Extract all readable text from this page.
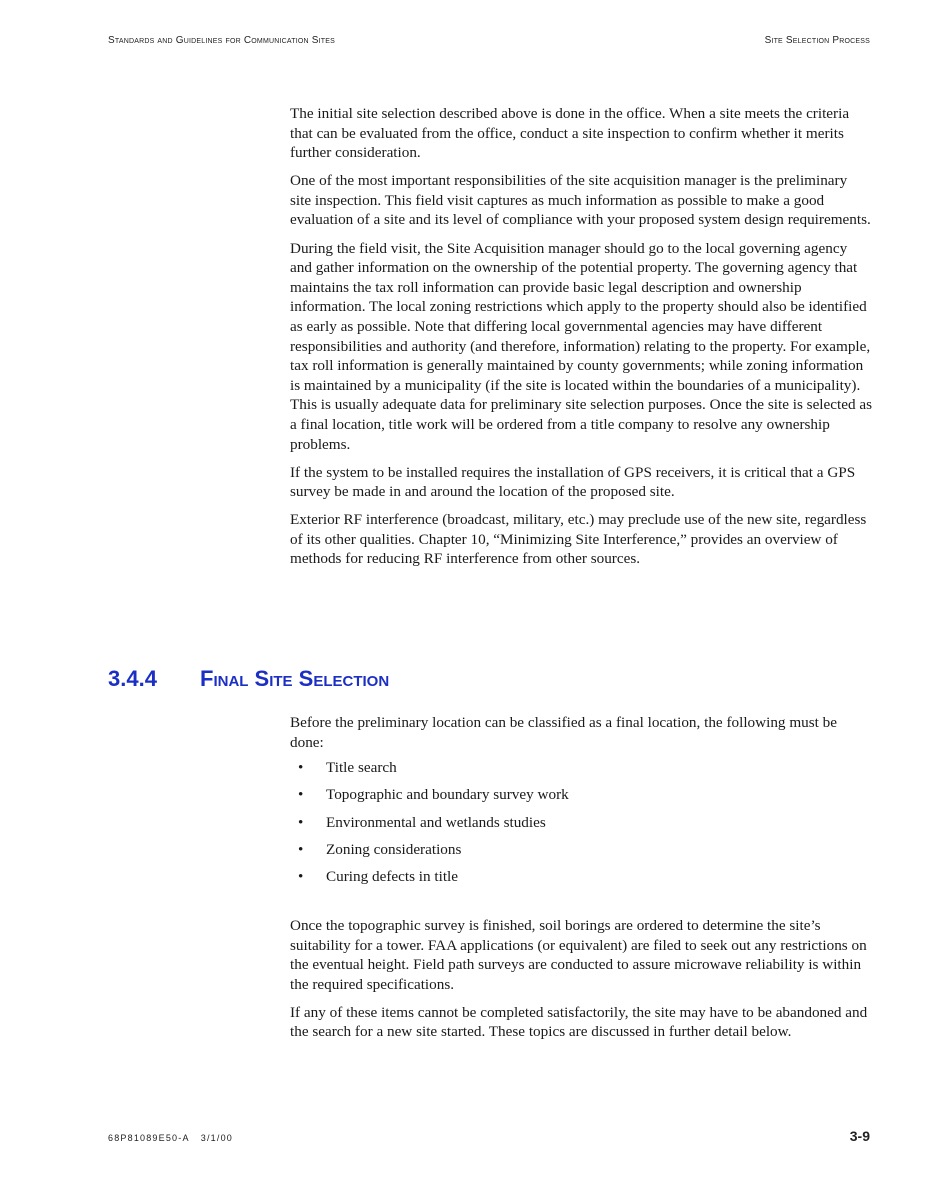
Standards and Guidelines for Communication Sites	Site Selection Process

The initial site selection described above is done in the office. When a site meets the criteria that can be evaluated from the office, conduct a site inspection to confirm whether it merits further consideration.

One of the most important responsibilities of the site acquisition manager is the preliminary site inspection. This field visit captures as much information as possible to make a good evaluation of a site and its level of compliance with your proposed system design requirements.

During the field visit, the Site Acquisition manager should go to the local governing agency and gather information on the ownership of the potential property. The governing agency that maintains the tax roll information can provide basic legal description and ownership information. The local zoning restrictions which apply to the property should also be identified as early as possible. Note that differing local governmental agencies may have different responsibilities and authority (and therefore, information) relating to the property. For example, tax roll information is generally maintained by county governments; while zoning information is maintained by a municipality (if the site is located within the boundaries of a municipality). This is usually adequate data for preliminary site selection purposes. Once the site is selected as a final location, title work will be ordered from a title company to resolve any ownership problems.

If the system to be installed requires the installation of GPS receivers, it is critical that a GPS survey be made in and around the location of the proposed site.

Exterior RF interference (broadcast, military, etc.) may preclude use of the new site, regardless of its other qualities. Chapter 10, “Minimizing Site Interference,” provides an overview of methods for reducing RF interference from other sources.

3.4.4 Final Site Selection

Before the preliminary location can be classified as a final location, the following must be done:

• Title search
• Topographic and boundary survey work
• Environmental and wetlands studies
• Zoning considerations
• Curing defects in title

Once the topographic survey is finished, soil borings are ordered to determine the site’s suitability for a tower. FAA applications (or equivalent) are filed to seek out any restrictions on the eventual height. Field path surveys are conducted to assure microwave reliability is within the required specifications.

If any of these items cannot be completed satisfactorily, the site may have to be abandoned and the search for a new site started. These topics are discussed in further detail below.

68P81089E50-A 3/1/00	3-9
